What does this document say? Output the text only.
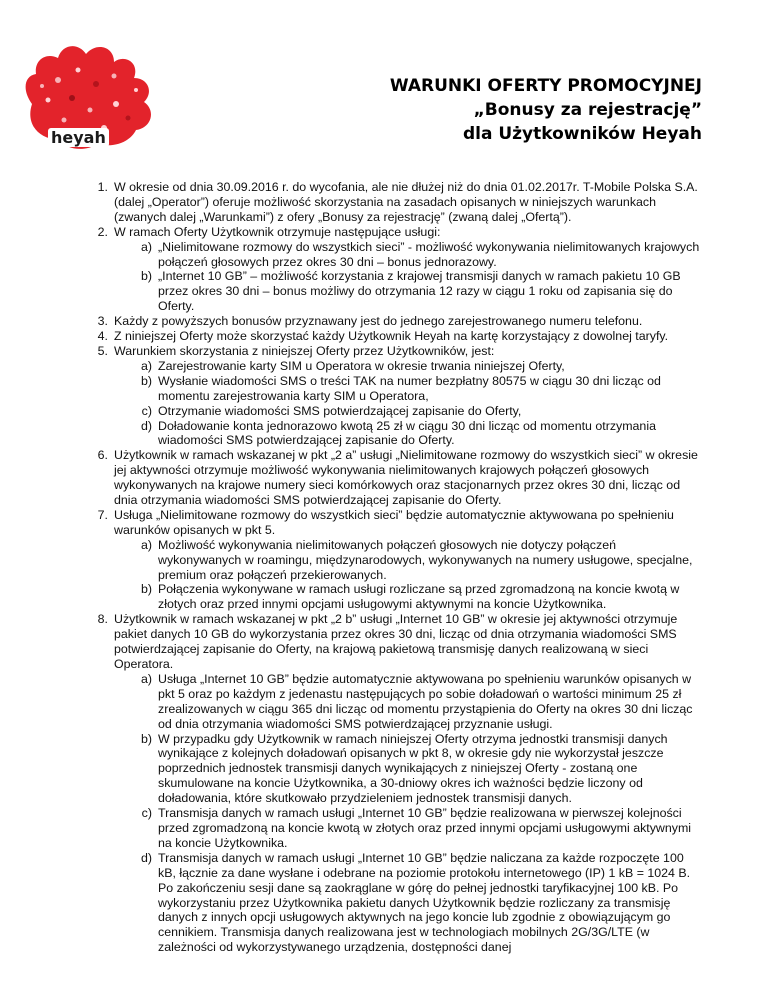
heyah
WARUNKI OFERTY PROMOCYJNEJ
„Bonusy za rejestrację”
dla Użytkowników Heyah
1. W okresie od dnia 30.09.2016 r. do wycofania, ale nie dłużej niż do dnia 01.02.2017r. T-Mobile Polska S.A. (dalej „Operator”) oferuje możliwość skorzystania na zasadach opisanych w niniejszych warunkach (zwanych dalej „Warunkami”) z ofery „Bonusy za rejestrację” (zwaną dalej „Ofertą”).

2. W ramach Oferty Użytkownik otrzymuje następujące usługi:

a) „Nielimitowane rozmowy do wszystkich sieci” - możliwość wykonywania nielimitowanych krajowych połączeń głosowych przez okres 30 dni – bonus jednorazowy.

b) „Internet 10 GB” – możliwość korzystania z krajowej transmisji danych w ramach pakietu 10 GB przez okres 30 dni – bonus możliwy do otrzymania 12 razy w ciągu 1 roku od zapisania się do Oferty.

3. Każdy z powyższych bonusów przyznawany jest do jednego zarejestrowanego numeru telefonu.

4. Z niniejszej Oferty może skorzystać każdy Użytkownik Heyah na kartę korzystający z dowolnej taryfy.

5. Warunkiem skorzystania z niniejszej Oferty przez Użytkowników, jest:

a) Zarejestrowanie karty SIM u Operatora w okresie trwania niniejszej Oferty,

b) Wysłanie wiadomości SMS o treści TAK na numer bezpłatny 80575 w ciągu 30 dni licząc od momentu zarejestrowania karty SIM u Operatora,

c) Otrzymanie wiadomości SMS potwierdzającej zapisanie do Oferty,

d) Doładowanie konta jednorazowo kwotą 25 zł w ciągu 30 dni licząc od momentu otrzymania wiadomości SMS potwierdzającej zapisanie do Oferty.

6. Użytkownik w ramach wskazanej w pkt „2 a” usługi „Nielimitowane rozmowy do wszystkich sieci” w okresie jej aktywności otrzymuje możliwość wykonywania nielimitowanych krajowych połączeń głosowych wykonywanych na krajowe numery sieci komórkowych oraz stacjonarnych przez okres 30 dni, licząc od dnia otrzymania wiadomości SMS potwierdzającej zapisanie do Oferty.

7. Usługa „Nielimitowane rozmowy do wszystkich sieci” będzie automatycznie aktywowana po spełnieniu warunków opisanych w pkt 5.

a) Możliwość wykonywania nielimitowanych połączeń głosowych nie dotyczy połączeń wykonywanych w roamingu, międzynarodowych, wykonywanych na numery usługowe, specjalne, premium oraz połączeń przekierowanych.

b) Połączenia wykonywane w ramach usługi rozliczane są przed zgromadzoną na koncie kwotą w złotych oraz przed innymi opcjami usługowymi aktywnymi na koncie Użytkownika.

8. Użytkownik w ramach wskazanej w pkt „2 b” usługi „Internet 10 GB” w okresie jej aktywności otrzymuje pakiet danych 10 GB do wykorzystania przez okres 30 dni, licząc od dnia otrzymania wiadomości SMS potwierdzającej zapisanie do Oferty, na krajową pakietową transmisję danych realizowaną w sieci Operatora.

a) Usługa „Internet 10 GB” będzie automatycznie aktywowana po spełnieniu warunków opisanych w pkt 5 oraz po każdym z jedenastu następujących po sobie doładowań o wartości minimum 25 zł zrealizowanych w ciągu 365 dni licząc od momentu przystąpienia do Oferty na okres 30 dni licząc od dnia otrzymania wiadomości SMS potwierdzającej przyznanie usługi.

b) W przypadku gdy Użytkownik w ramach niniejszej Oferty otrzyma jednostki transmisji danych wynikające z kolejnych doładowań opisanych w pkt 8, w okresie gdy nie wykorzystał jeszcze poprzednich jednostek transmisji danych wynikających z niniejszej Oferty - zostaną one skumulowane na koncie Użytkownika, a 30-dniowy okres ich ważności będzie liczony od doładowania, które skutkowało przydzieleniem jednostek transmisji danych.

c) Transmisja danych w ramach usługi „Internet 10 GB” będzie realizowana w pierwszej kolejności przed zgromadzoną na koncie kwotą w złotych oraz przed innymi opcjami usługowymi aktywnymi na koncie Użytkownika.

d) Transmisja danych w ramach usługi „Internet 10 GB” będzie naliczana za każde rozpoczęte 100 kB, łącznie za dane wysłane i odebrane na poziomie protokołu internetowego (IP) 1 kB = 1024 B. Po zakończeniu sesji dane są zaokrąglane w górę do pełnej jednostki taryfikacyjnej 100 kB. Po wykorzystaniu przez Użytkownika pakietu danych Użytkownik będzie rozliczany za transmisję danych z innych opcji usługowych aktywnych na jego koncie lub zgodnie z obowiązującym go cennikiem. Transmisja danych realizowana jest w technologiach mobilnych 2G/3G/LTE (w zależności od wykorzystywanego urządzenia, dostępności danej
